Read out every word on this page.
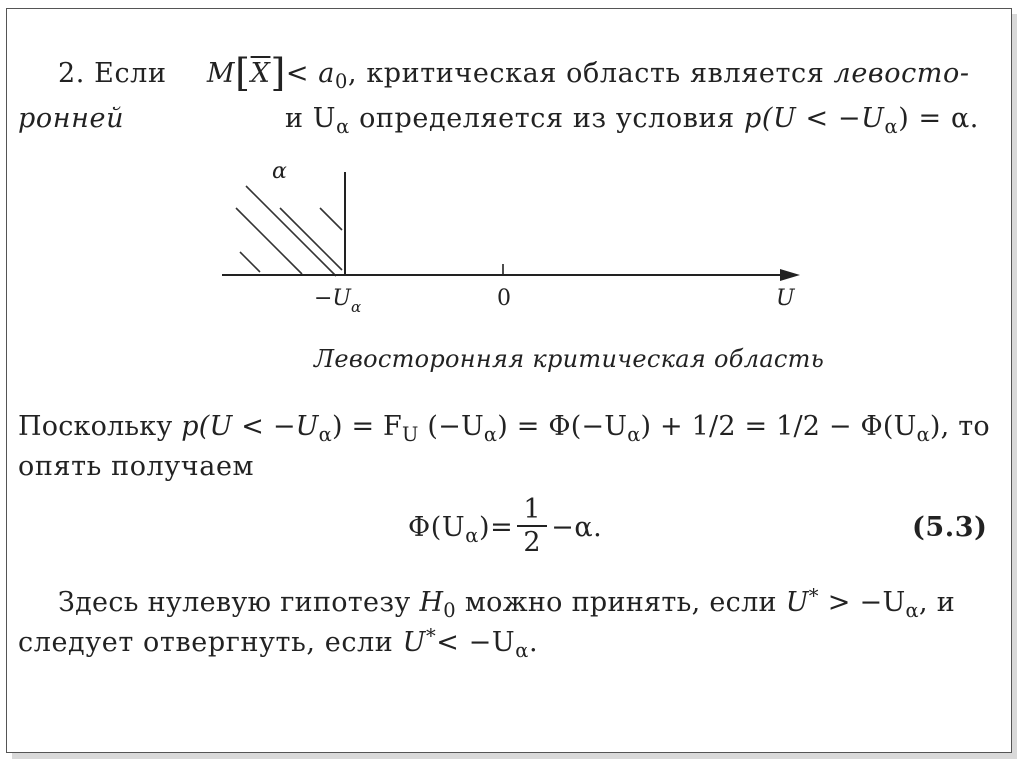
2. Если $M[\overline{X}]< a_0$, критическая область является левосто-
ронней	и $U_\alpha$ определяется из условия $p(U < -U_\alpha) = \alpha$.
α
$-U_\alpha$	0	U
Левосторонняя критическая область
Поскольку $p(U < -U_\alpha) = F_U$ $(-U_\alpha) = \Phi(-U_\alpha) + 1/2 = 1/2 - \Phi(U_\alpha)$, то
опять получаем
$\Phi(U_\alpha)= \frac{1}{2} -\alpha$.	(5.3)
Здесь нулевую гипотезу $H_0$ можно принять, если $U^* > -U_\alpha$, и
следует отвергнуть, если $U^*< -U_\alpha$.
